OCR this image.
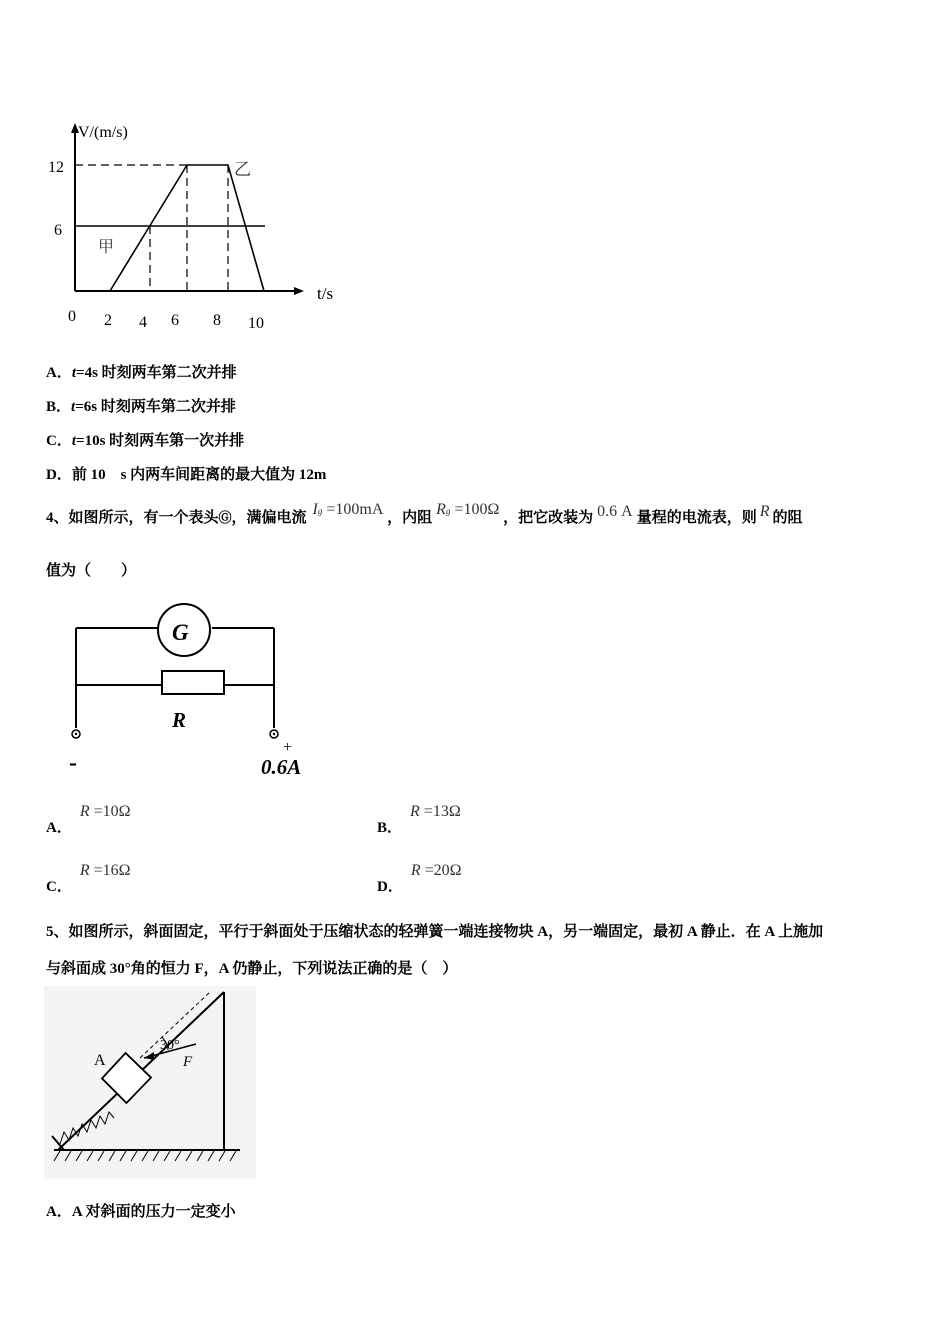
V/(m/s)
t/s
12
6
0 2 4 6 8 10
甲
乙
A．t=4s 时刻两车第二次并排
B．t=6s 时刻两车第二次并排
C．t=10s 时刻两车第一次并排
D．前 10　s 内两车间距离的最大值为 12m
4、如图所示，有一个表头Ⓖ，满偏电流 Ig =100mA ，内阻 Rg =100Ω ，把它改装为 0.6 A 量程的电流表，则 R 的阻
值为（　　）
G
R
-
+
0.6A
A．R =10Ω
B．R =13Ω
C．R =16Ω
D．R =20Ω
5、如图所示，斜面固定，平行于斜面处于压缩状态的轻弹簧一端连接物块 A，另一端固定，最初 A 静止．在 A 上施加
与斜面成 30°角的恒力 F，A 仍静止，下列说法正确的是（　）
A
30°
F
A．A 对斜面的压力一定变小
